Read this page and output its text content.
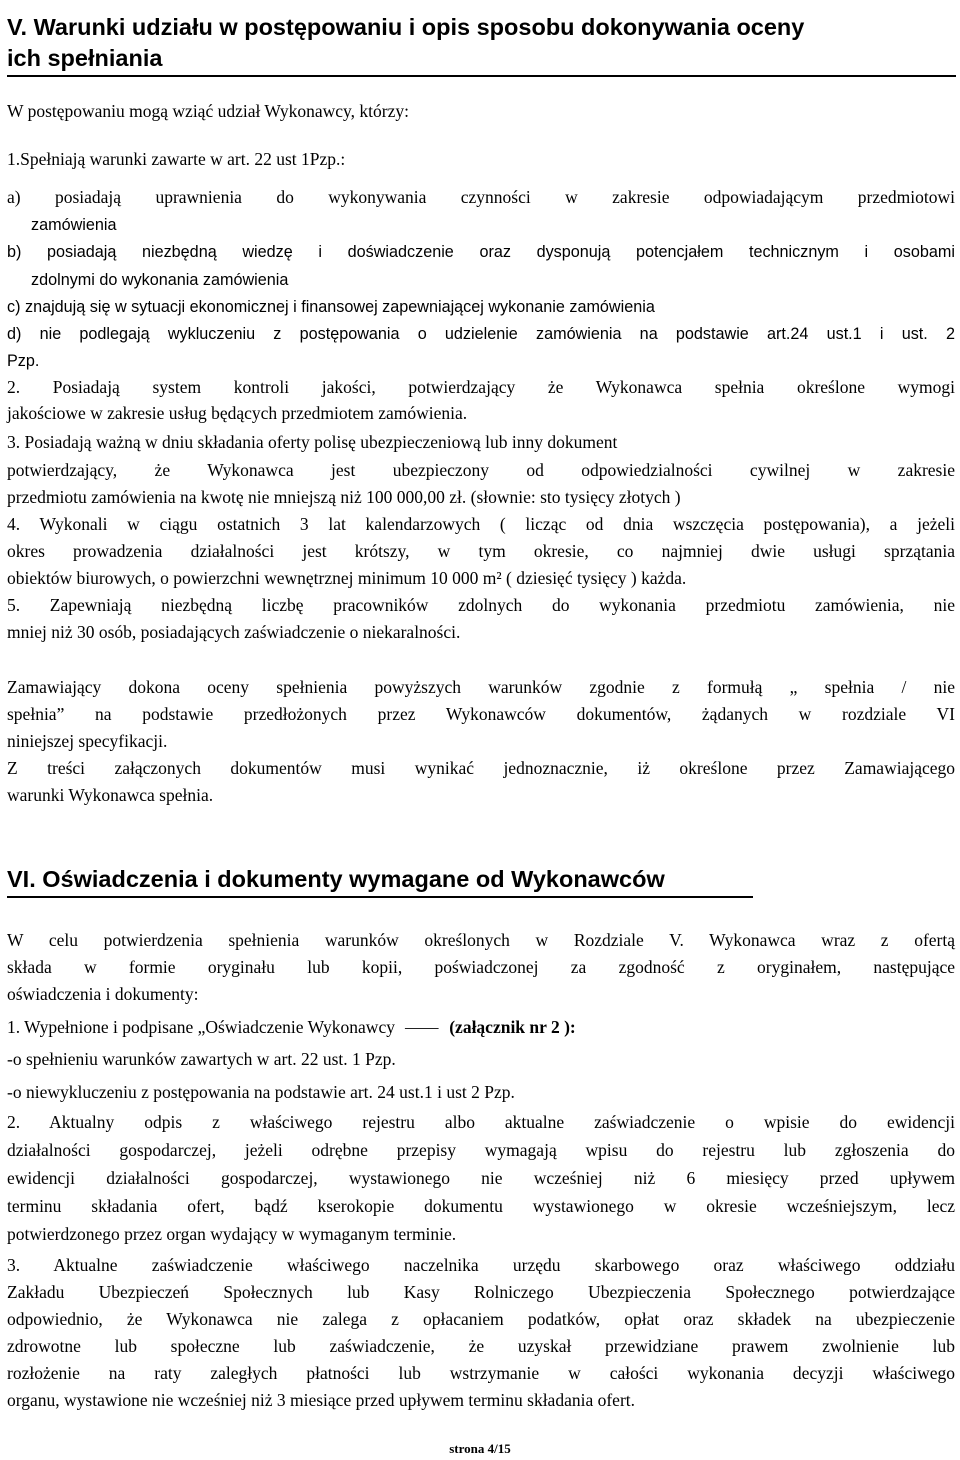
V. Warunki udziału w postępowaniu i opis sposobu dokonywania oceny
ich spełniania
W postępowaniu mogą wziąć udział Wykonawcy, którzy:
1.Spełniają warunki zawarte w art. 22 ust 1Pzp.:
a) posiadają uprawnienia do wykonywania czynności w zakresie odpowiadającym przedmiotowi
zamówienia
b) posiadają niezbędną wiedzę i doświadczenie oraz dysponują potencjałem technicznym i osobami
zdolnymi do wykonania zamówienia
c) znajdują się w sytuacji ekonomicznej i finansowej zapewniającej wykonanie zamówienia
d) nie podlegają wykluczeniu z postępowania o udzielenie zamówienia na podstawie art.24 ust.1 i ust. 2
Pzp.
2. Posiadają system kontroli jakości, potwierdzający że Wykonawca spełnia określone wymogi
jakościowe w zakresie usług będących przedmiotem zamówienia.
3. Posiadają ważną w dniu składania oferty polisę ubezpieczeniową lub inny dokument
potwierdzający, że Wykonawca jest ubezpieczony od odpowiedzialności cywilnej w zakresie
przedmiotu zamówienia na kwotę nie mniejszą niż 100 000,00 zł. (słownie: sto tysięcy złotych )
4. Wykonali w ciągu ostatnich 3 lat kalendarzowych ( licząc od dnia wszczęcia postępowania), a jeżeli
okres prowadzenia działalności jest krótszy, w tym okresie, co najmniej dwie usługi sprzątania
obiektów biurowych, o powierzchni wewnętrznej minimum 10 000 m² ( dziesięć tysięcy ) każda.
5. Zapewniają niezbędną liczbę pracowników zdolnych do wykonania przedmiotu zamówienia, nie
mniej niż 30 osób, posiadających zaświadczenie o niekaralności.
Zamawiający dokona oceny spełnienia powyższych warunków zgodnie z formułą „ spełnia / nie
spełnia” na podstawie przedłożonych przez Wykonawców dokumentów, żądanych w rozdziale VI
niniejszej specyfikacji.
Z treści załączonych dokumentów musi wynikać jednoznacznie, iż określone przez Zamawiającego
warunki Wykonawca spełnia.
VI. Oświadczenia i dokumenty wymagane od Wykonawców
W celu potwierdzenia spełnienia warunków określonych w Rozdziale V. Wykonawca wraz z ofertą
składa w formie oryginału lub kopii, poświadczonej za zgodność z oryginałem, następujące
oświadczenia i dokumenty:
1. Wypełnione i podpisane „Oświadczenie Wykonawcy — (załącznik nr 2 ):
-o spełnieniu warunków zawartych w art. 22 ust. 1 Pzp.
-o niewykluczeniu z postępowania na podstawie art. 24 ust.1 i ust 2 Pzp.
2. Aktualny odpis z właściwego rejestru albo aktualne zaświadczenie o wpisie do ewidencji
działalności gospodarczej, jeżeli odrębne przepisy wymagają wpisu do rejestru lub zgłoszenia do
ewidencji działalności gospodarczej, wystawionego nie wcześniej niż 6 miesięcy przed upływem
terminu składania ofert, bądź kserokopie dokumentu wystawionego w okresie wcześniejszym, lecz
potwierdzonego przez organ wydający w wymaganym terminie.
3. Aktualne zaświadczenie właściwego naczelnika urzędu skarbowego oraz właściwego oddziału
Zakładu Ubezpieczeń Społecznych lub Kasy Rolniczego Ubezpieczenia Społecznego potwierdzające
odpowiednio, że Wykonawca nie zalega z opłacaniem podatków, opłat oraz składek na ubezpieczenie
zdrowotne lub społeczne lub zaświadczenie, że uzyskał przewidziane prawem zwolnienie lub
rozłożenie na raty zaległych płatności lub wstrzymanie w całości wykonania decyzji właściwego
organu, wystawione nie wcześniej niż 3 miesiące przed upływem terminu składania ofert.
strona 4/15
